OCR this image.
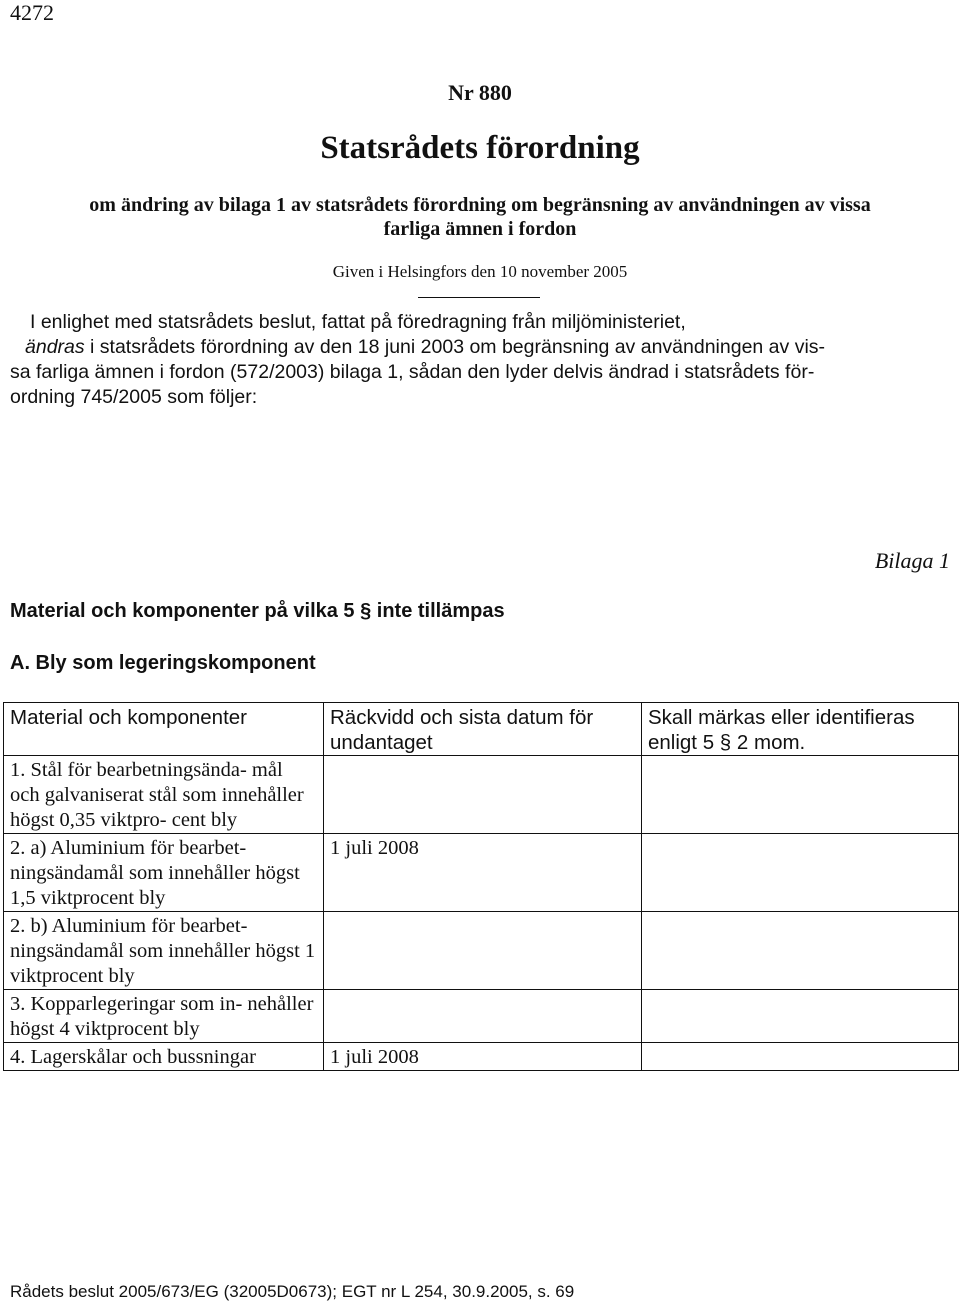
4272
Nr 880
Statsrådets förordning
om ändring av bilaga 1 av statsrådets förordning om begränsning av användningen av vissa
farliga ämnen i fordon
Given i Helsingfors den 10 november 2005

I enlighet med statsrådets beslut, fattat på föredragning från miljöministeriet,

ändras i statsrådets förordning av den 18 juni 2003 om begränsning av användningen av vis-

sa farliga ämnen i fordon (572/2003) bilaga 1, sådan den lyder delvis ändrad i statsrådets för-

ordning 745/2005 som följer:

Bilaga 1
Material och komponenter på vilka 5 § inte tillämpas
A. Bly som legeringskomponent
Material och komponenter	Räckvidd och sista datum för undantaget	Skall märkas eller identifieras enligt 5 § 2 mom.
1. Stål för bearbetningsända- mål och galvaniserat stål som innehåller högst 0,35 viktpro- cent bly		
2. a) Aluminium för bearbet- ningsändamål som innehåller högst 1,5 viktprocent bly	1 juli 2008	
2. b) Aluminium för bearbet- ningsändamål som innehåller högst 1 viktprocent bly		
3. Kopparlegeringar som in- nehåller högst 4 viktprocent bly		
4. Lagerskålar och bussningar	1 juli 2008	
Rådets beslut 2005/673/EG (32005D0673); EGT nr L 254, 30.9.2005, s. 69
